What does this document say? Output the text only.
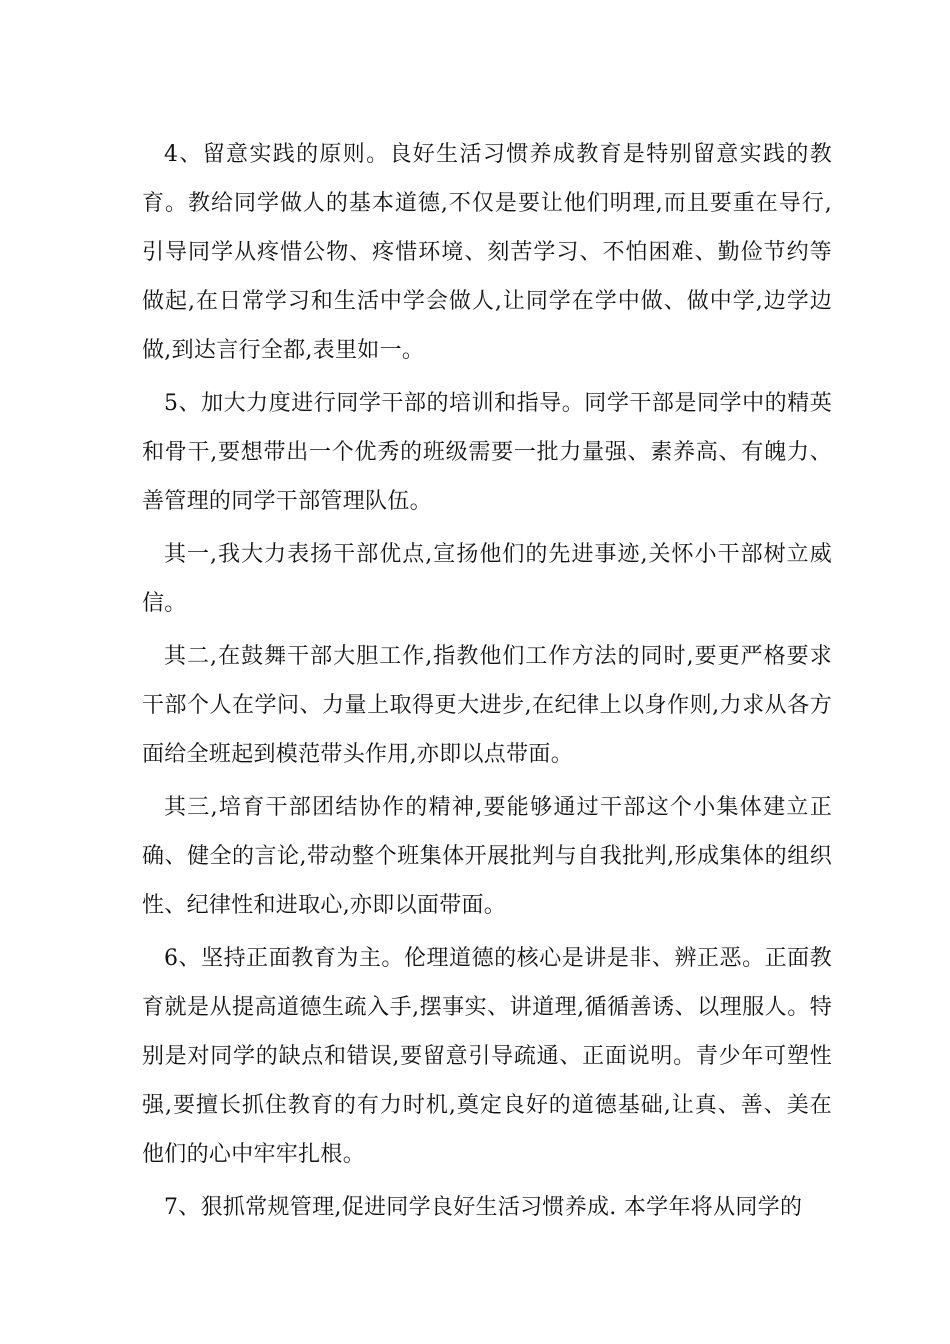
4、留意实践的原则。良好生活习惯养成教育是特别留意实践的教育。教给同学做人的基本道德,不仅是要让他们明理,而且要重在导行,引导同学从疼惜公物、疼惜环境、刻苦学习、不怕困难、勤俭节约等做起,在日常学习和生活中学会做人,让同学在学中做、做中学,边学边做,到达言行全都,表里如一。

5、加大力度进行同学干部的培训和指导。同学干部是同学中的精英和骨干,要想带出一个优秀的班级需要一批力量强、素养高、有魄力、善管理的同学干部管理队伍。

其一,我大力表扬干部优点,宣扬他们的先进事迹,关怀小干部树立威信。

其二,在鼓舞干部大胆工作,指教他们工作方法的同时,要更严格要求干部个人在学问、力量上取得更大进步,在纪律上以身作则,力求从各方面给全班起到模范带头作用,亦即以点带面。

其三,培育干部团结协作的精神,要能够通过干部这个小集体建立正确、健全的言论,带动整个班集体开展批判与自我批判,形成集体的组织性、纪律性和进取心,亦即以面带面。

6、坚持正面教育为主。伦理道德的核心是讲是非、辨正恶。正面教育就是从提高道德生疏入手,摆事实、讲道理,循循善诱、以理服人。特别是对同学的缺点和错误,要留意引导疏通、正面说明。青少年可塑性强,要擅长抓住教育的有力时机,奠定良好的道德基础,让真、善、美在他们的心中牢牢扎根。

7、狠抓常规管理,促进同学良好生活习惯养成. 本学年将从同学的
